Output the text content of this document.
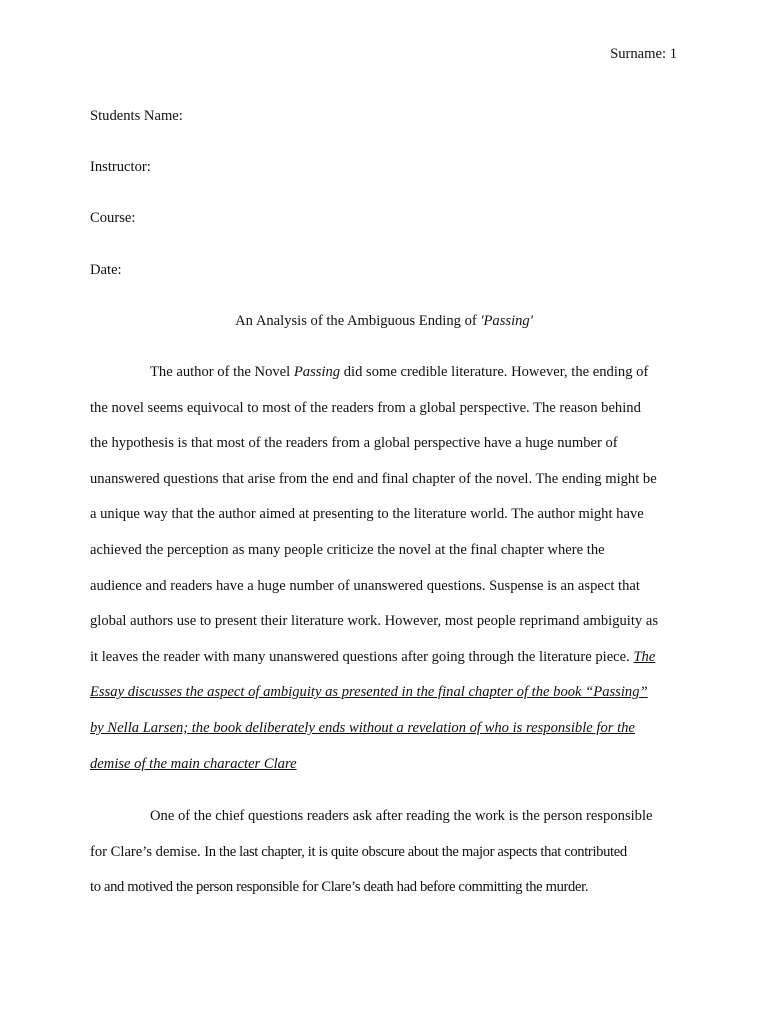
Surname: 1
Students Name:
Instructor:
Course:
Date:
An Analysis of the Ambiguous Ending of 'Passing'
The author of the Novel Passing did some credible literature. However, the ending of
the novel seems equivocal to most of the readers from a global perspective. The reason behind
the hypothesis is that most of the readers from a global perspective have a huge number of
unanswered questions that arise from the end and final chapter of the novel. The ending might be
a unique way that the author aimed at presenting to the literature world. The author might have
achieved the perception as many people criticize the novel at the final chapter where the
audience and readers have a huge number of unanswered questions. Suspense is an aspect that
global authors use to present their literature work. However, most people reprimand ambiguity as
it leaves the reader with many unanswered questions after going through the literature piece. The
Essay discusses the aspect of ambiguity as presented in the final chapter of the book “Passing”
by Nella Larsen; the book deliberately ends without a revelation of who is responsible for the
demise of the main character Clare
One of the chief questions readers ask after reading the work is the person responsible
for Clare’s demise. In the last chapter, it is quite obscure about the major aspects that contributed
to and motived the person responsible for Clare’s death had before committing the murder.
